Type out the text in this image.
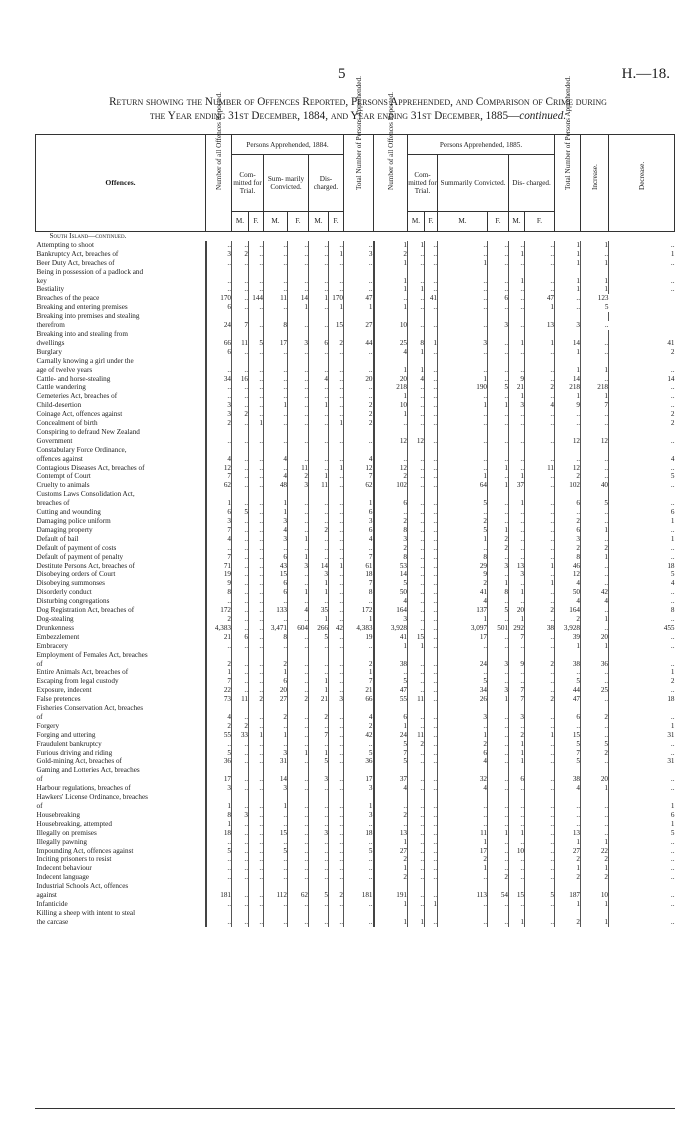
5	H.—18.
Return showing the Number of Offences Reported, Persons Apprehended, and Comparison of Crime during
the Year ending 31st December, 1884, and Year ending 31st December, 1885—continued.
Offences.	Number of all Offences Reported.	Persons Apprehended, 1884.						Total Number of Persons Apprehended.	Number of all Offences Reported.	Persons Apprehended, 1885.						Total Number of Persons Apprehended.	Increase.	Decrease.
		Com- mitted for Trial.		Sum- marily Convicted.		Dis- charged.				Com- mitted for Trial.		Summarily Convicted.		Dis- charged.				
		M.	F.	M.	F.	M.	F.			M.	F.	M.	F.	M.	F.			
South Island—continued.																		
Attempting to shoot	..	..	..	..	..	..	..	..	1	1	..	..	..	..	..	1	1	..
Bankruptcy Act, breaches of	3	2	..	..	..	..	1	3	2	..	..	..	..	1	..	1	..	1
Beer Duty Act, breaches of	..	..	..	..	..	..	..	..	1	..	..	1	..	..	..	1	1	..
Being in possession of a padlock and																		
key	..	..	..	..	..	..	..	..	1	..	..	..	..	1	..	1	1	..
Bestiality	..	..	..	..	..	..	..	..	1	1	..	..	..	..	..	1	1	..
Breaches of the peace	170	..	144	11	14	1	170	47	..	..	41	..	6	..	47	..	123	
Breaking and entering premises	6	..	..	..	1	..	1	1	1	..	..	..	..	..	1	..	5	
Breaking into premises and stealing																		
therefrom	24	7	..	8	..	..	15	27	10	..	..	..	3	..	13	3	..	
Breaking into and stealing from																		
dwellings	66	11	5	17	3	6	2	44	25	8	1	3	..	1	1	14	..	41
Burglary	6	..	..	..	..	..	..	..	4	1	..	..	..	..	..	1	..	2
Carnally knowing a girl under the																		
age of twelve years	..	..	..	..	..	..	..	..	1	1	..	..	..	..	..	1	1	..
Cattle- and horse-stealing	34	16	..	..	..	4	..	20	20	4	..	1	..	9	..	14	..	14
Cattle wandering	..	..	..	..	..	..	..	..	218	..	..	190	5	21	2	218	218	..
Cemeteries Act, breaches of	..	..	..	..	..	..	..	..	1	..	..	..	..	1	..	1	1	..
Child-desertion	3	..	..	1	..	1	..	2	10	..	..	1	1	3	4	9	7	..
Coinage Act, offences against	3	2	..	..	..	..	..	2	1	..	..	..	..	..	..	..	..	2
Concealment of birth	2	..	1	..	..	..	1	2	..	..	..	..	..	..	..	..	..	2
Conspiring to defraud New Zealand																		
Government	..	..	..	..	..	..	..	..	12	12	..	..	..	..	..	12	12	..
Constabulary Force Ordinance,																		
offences against	4	..	..	4	..	..	..	4	..	..	..	..	..	..	..	..	..	4
Contagious Diseases Act, breaches of	12	..	..	..	11	..	1	12	12	..	..	..	1	..	11	12	..	..
Contempt of Court	7	..	..	4	2	1	..	7	2	..	..	1	..	1	..	2	..	5
Cruelty to animals	62	..	..	48	3	11	..	62	102	..	..	64	1	37	..	102	40	..
Customs Laws Consolidation Act,																		
breaches of	1	..	..	1	..	..	..	1	6	..	..	5	..	1	..	6	5	..
Cutting and wounding	6	5	..	1	..	..	..	6	..	..	..	..	..	..	..	..	..	6
Damaging police uniform	3	..	..	3	..	..	..	3	2	..	..	2	..	..	..	2	..	1
Damaging property	7	..	..	4	..	2	..	6	8	..	..	5	1	..	..	6	1	..
Default of bail	4	..	..	3	1	..	..	4	3	..	..	1	2	..	..	3	..	1
Default of payment of costs	..	..	..	..	..	..	..	..	2	..	..	..	2	..	..	2	2	..
Default of payment of penalty	7	..	..	6	1	..	..	7	8	..	..	8	..	..	..	8	1	..
Destitute Persons Act, breaches of	71	..	..	43	3	14	1	61	53	..	..	29	3	13	1	46	..	18
Disobeying orders of Court	19	..	..	15	..	3	..	18	14	..	..	9	..	3	..	12	..	5
Disobeying summonses	9	..	..	6	..	1	..	7	5	..	..	2	1	..	1	4	..	4
Disorderly conduct	8	..	..	6	1	1	..	8	50	..	..	41	8	1	..	50	42	..
Disturbing congregations	..	..	..	..	..	..	..	..	4	..	..	4	..	..	..	4	4	..
Dog Registration Act, breaches of	172	..	..	133	4	35	..	172	164	..	..	137	5	20	2	164	..	8
Dog-stealing	2	..	..	..	..	1	..	1	3	..	..	1	..	1	..	2	1	..
Drunkenness	4,383	..	..	3,471	604	266	42	4,383	3,928	..	..	3,097	501	292	38	3,928	..	455
Embezzlement	21	6	..	8	..	5	..	19	41	15	..	17	..	7	..	39	20	..
Embracery	..	..	..	..	..	..	..	..	1	1	..	..	..	..	..	1	1	..
Employment of Females Act, breaches																		
of	2	..	..	2	..	..	..	2	38	..	..	24	3	9	2	38	36	..
Entire Animals Act, breaches of	1	..	..	1	..	..	..	1	..	..	..	..	..	..	..	..	..	1
Escaping from legal custody	7	..	..	6	..	1	..	7	5	..	..	5	..	..	..	5	..	2
Exposure, indecent	22	..	..	20	..	1	..	21	47	..	..	34	3	7	..	44	25	..
False pretences	73	11	2	27	2	21	3	66	55	11	..	26	1	7	2	47	..	18
Fisheries Conservation Act, breaches																		
of	4	..	..	2	..	2	..	4	6	..	..	3	..	3	..	6	2	..
Forgery	2	2	..	..	..	..	..	2	1	..	..	..	..	..	..	..	..	1
Forging and uttering	55	33	1	1	..	7	..	42	24	11	..	1	..	2	1	15	..	31
Fraudulent bankruptcy	..	..	..	..	..	..	..	..	5	2	..	2	..	1	..	5	5	..
Furious driving and riding	5	..	..	3	1	1	..	5	7	..	..	6	..	1	..	7	2	..
Gold-mining Act, breaches of	36	..	..	31	..	5	..	36	5	..	..	4	..	1	..	5	..	31
Gaming and Lotteries Act, breaches																		
of	17	..	..	14	..	3	..	17	37	..	..	32	..	6	..	38	20	..
Harbour regulations, breaches of	3	..	..	3	..	..	..	3	4	..	..	4	..	..	..	4	1	..
Hawkers' License Ordinance, breaches																		
of	1	..	..	1	..	..	..	1	..	..	..	..	..	..	..	..	..	1
Housebreaking	8	3	..	..	..	..	..	3	2	..	..	..	..	..	..	..	..	6
Housebreaking, attempted	1	..	..	..	..	..	..	..	..	..	..	..	..	..	..	..	..	1
Illegally on premises	18	..	..	15	..	3	..	18	13	..	..	11	1	1	..	13	..	5
Illegally pawning	..	..	..	..	..	..	..	..	1	..	..	1	..	..	..	1	1	..
Impounding Act, offences against	5	..	..	5	..	..	..	5	27	..	..	17	..	10	..	27	22	..
Inciting prisoners to resist	..	..	..	..	..	..	..	..	2	..	..	2	..	..	..	2	2	..
Indecent behaviour	..	..	..	..	..	..	..	..	1	..	..	1	..	..	..	1	1	..
Indecent language	..	..	..	..	..	..	..	..	2	..	..	..	2	..	..	2	2	..
Industrial Schools Act, offences																		
against	181	..	..	112	62	5	2	181	191	..	..	113	54	15	5	187	10	..
Infanticide	..	..	..	..	..	..	..	..	1	..	1	..	..	..	..	1	1	..
Killing a sheep with intent to steal																		
the carcase	..	..	..	..	..	..	..	..	1	1	..	..	..	1	..	2	1	..
